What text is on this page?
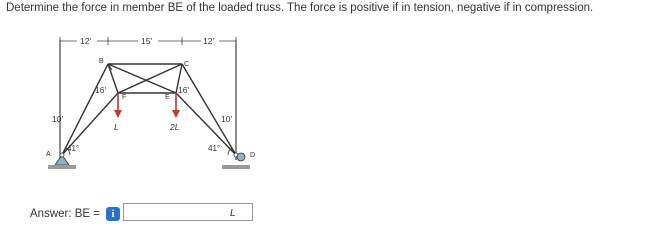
Determine the force in member BE of the loaded truss. The force is positive if in tension, negative if in compression.
12'	15'	12'
B	C
F	E
A	D
16'	16'
10'	10'
41°	41°
L	2L
Answer: BE =	i	L
